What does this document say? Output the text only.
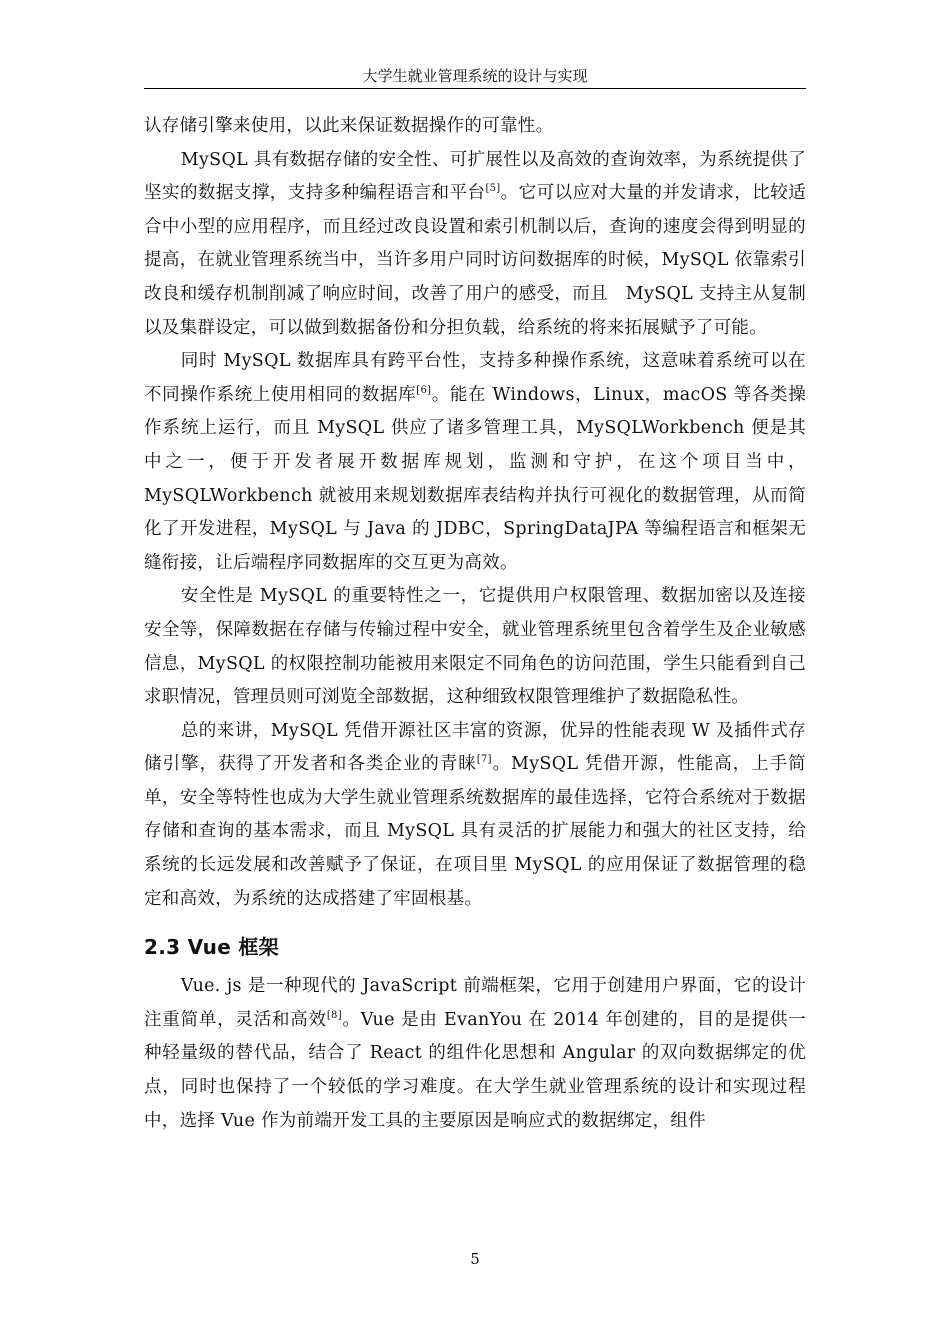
大学生就业管理系统的设计与实现

认存储引擎来使用，以此来保证数据操作的可靠性。

MySQL 具有数据存储的安全性、可扩展性以及高效的查询效率，为系统提供了坚实的数据支撑，支持多种编程语言和平台[5]。它可以应对大量的并发请求，比较适合中小型的应用程序，而且经过改良设置和索引机制以后，查询的速度会得到明显的提高，在就业管理系统当中，当许多用户同时访问数据库的时候，MySQL 依靠索引改良和缓存机制削减了响应时间，改善了用户的感受，而且　MySQL 支持主从复制以及集群设定，可以做到数据备份和分担负载，给系统的将来拓展赋予了可能。

同时 MySQL 数据库具有跨平台性，支持多种操作系统，这意味着系统可以在不同操作系统上使用相同的数据库[6]。能在 Windows，Linux，macOS 等各类操作系统上运行，而且 MySQL 供应了诸多管理工具，MySQLWorkbench 便是其中之一，便于开发者展开数据库规划，监测和守护，在这个项目当中，MySQLWorkbench 就被用来规划数据库表结构并执行可视化的数据管理，从而简化了开发进程，MySQL 与 Java 的 JDBC，SpringDataJPA 等编程语言和框架无缝衔接，让后端程序同数据库的交互更为高效。

安全性是 MySQL 的重要特性之一，它提供用户权限管理、数据加密以及连接安全等，保障数据在存储与传输过程中安全，就业管理系统里包含着学生及企业敏感信息，MySQL 的权限控制功能被用来限定不同角色的访问范围，学生只能看到自己求职情况，管理员则可浏览全部数据，这种细致权限管理维护了数据隐私性。

总的来讲，MySQL 凭借开源社区丰富的资源，优异的性能表现 W 及插件式存储引擎，获得了开发者和各类企业的青睐[7]。MySQL 凭借开源，性能高，上手简单，安全等特性也成为大学生就业管理系统数据库的最佳选择，它符合系统对于数据存储和查询的基本需求，而且 MySQL 具有灵活的扩展能力和强大的社区支持，给系统的长远发展和改善赋予了保证，在项目里 MySQL 的应用保证了数据管理的稳定和高效，为系统的达成搭建了牢固根基。

2.3 Vue 框架

Vue. js 是一种现代的 JavaScript 前端框架，它用于创建用户界面，它的设计注重简单，灵活和高效[8]。Vue 是由 EvanYou 在 2014 年创建的，目的是提供一种轻量级的替代品，结合了 React 的组件化思想和 Angular 的双向数据绑定的优点，同时也保持了一个较低的学习难度。在大学生就业管理系统的设计和实现过程中，选择 Vue 作为前端开发工具的主要原因是响应式的数据绑定，组件

5
